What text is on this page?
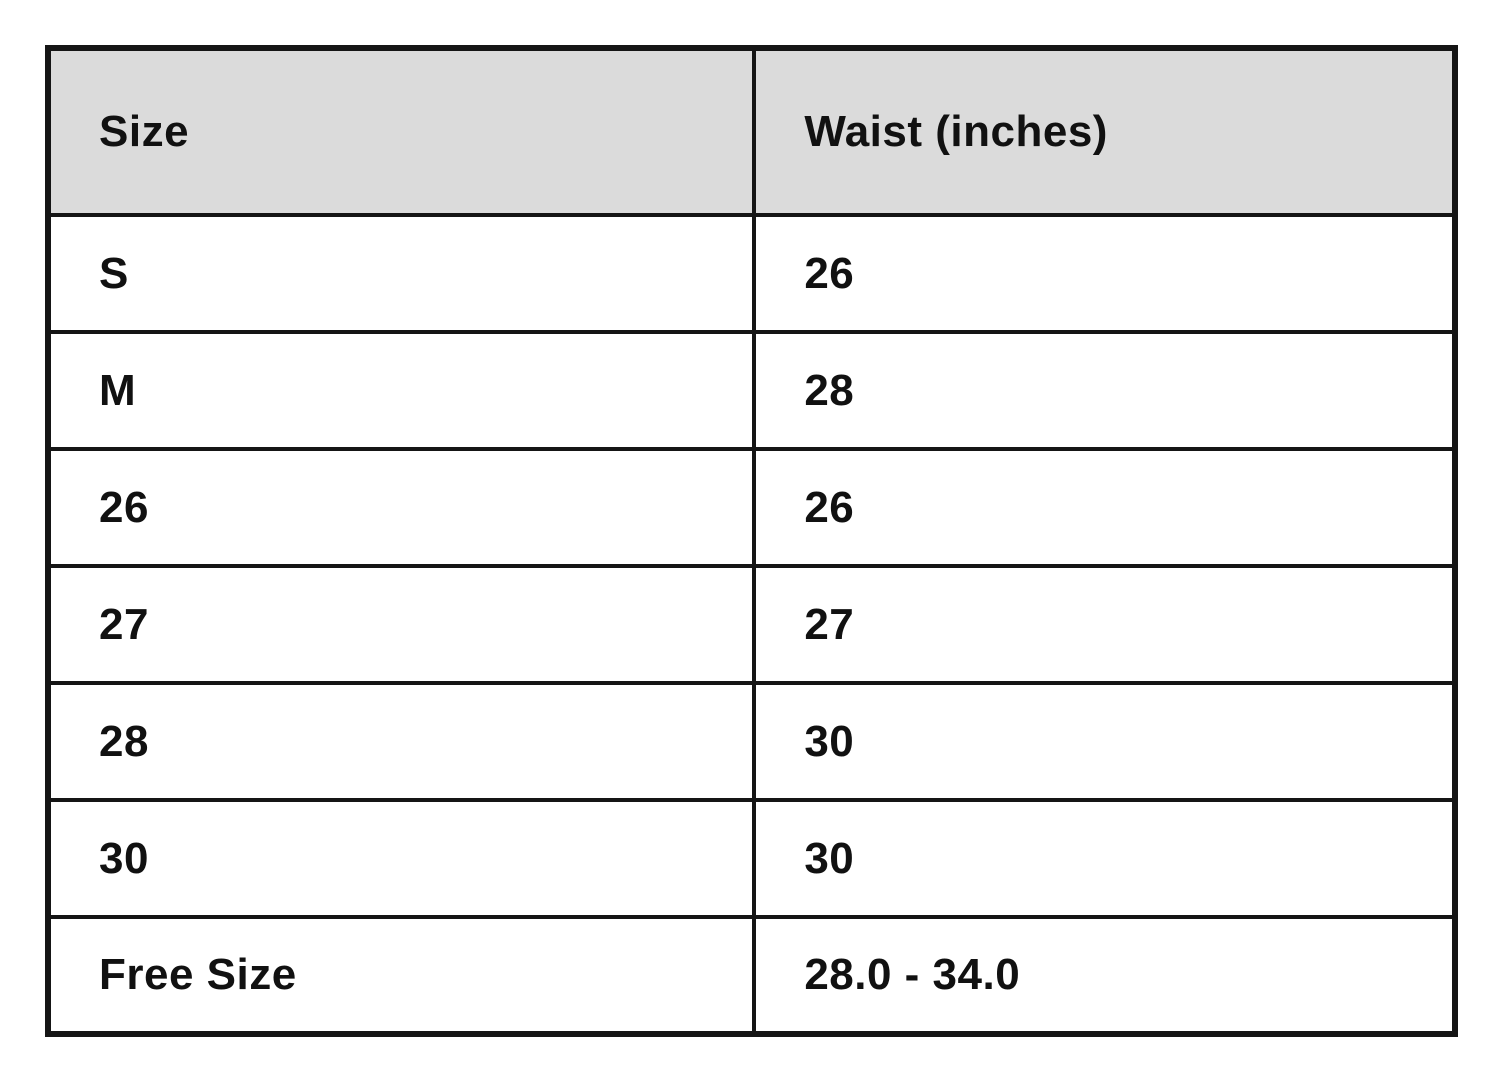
Size	Waist (inches)
S	26
M	28
26	26
27	27
28	30
30	30
Free Size	28.0 - 34.0
